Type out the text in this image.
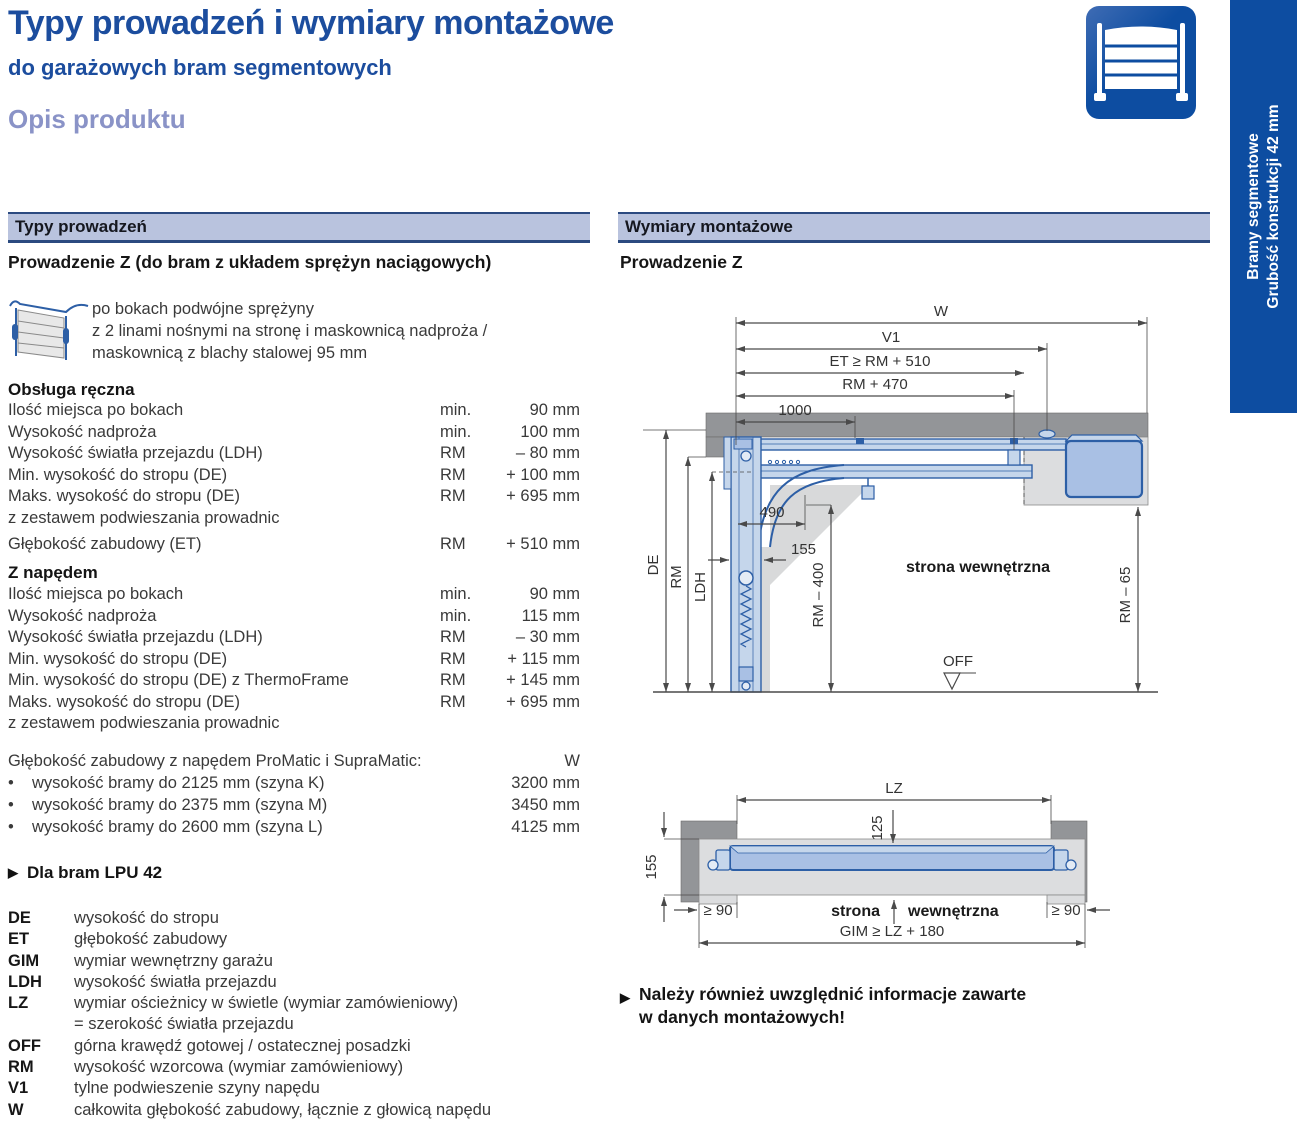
Typy prowadzeń i wymiary montażowe
do garażowych bram segmentowych
Opis produktu
Bramy segmentowe Grubość konstrukcji 42 mm
Typy prowadzeń	Wymiary montażowe
Prowadzenie Z (do bram z układem sprężyn naciągowych)	Prowadzenie Z
po bokach podwójne sprężyny
z 2 linami nośnymi na stronę i maskownicą nadproża /
maskownicą z blachy stalowej 95 mm
Obsługa ręczna
Ilość miejsca po bokach	min.	90 mm
Wysokość nadproża	min.	100 mm
Wysokość światła przejazdu (LDH)	RM	– 80 mm
Min. wysokość do stropu (DE)	RM	+ 100 mm
Maks. wysokość do stropu (DE)	RM	+ 695 mm
z zestawem podwieszania prowadnic
Głębokość zabudowy (ET)	RM	+ 510 mm
Z napędem
Ilość miejsca po bokach	min.	90 mm
Wysokość nadproża	min.	115 mm
Wysokość światła przejazdu (LDH)	RM	– 30 mm
Min. wysokość do stropu (DE)	RM	+ 115 mm
Min. wysokość do stropu (DE) z ThermoFrame	RM	+ 145 mm
Maks. wysokość do stropu (DE)	RM	+ 695 mm
z zestawem podwieszania prowadnic
Głębokość zabudowy z napędem ProMatic i SupraMatic:	W
•	wysokość bramy do 2125 mm (szyna K)	3200 mm
•	wysokość bramy do 2375 mm (szyna M)	3450 mm
•	wysokość bramy do 2600 mm (szyna L)	4125 mm
▶ Dla bram LPU 42
DE	wysokość do stropu
ET	głębokość zabudowy
GIM	wymiar wewnętrzny garażu
LDH	wysokość światła przejazdu
LZ	wymiar ościeżnicy w świetle (wymiar zamówieniowy)
= szerokość światła przejazdu
OFF	górna krawędź gotowej / ostatecznej posadzki
RM	wysokość wzorcowa (wymiar zamówieniowy)
V1	tylne podwieszenie szyny napędu
W	całkowita głębokość zabudowy, łącznie z głowicą napędu
W
V1
ET ≥ RM + 510
RM + 470
1000
DE
RM LDH
490
RM – 400
155
strona wewnętrzna
OFF
RM – 65
LZ
125
155
strona wewnętrzna
≥ 90	≥ 90
GIM ≥ LZ + 180
▶ Należy również uwzględnić informacje zawarte
w danych montażowych!
